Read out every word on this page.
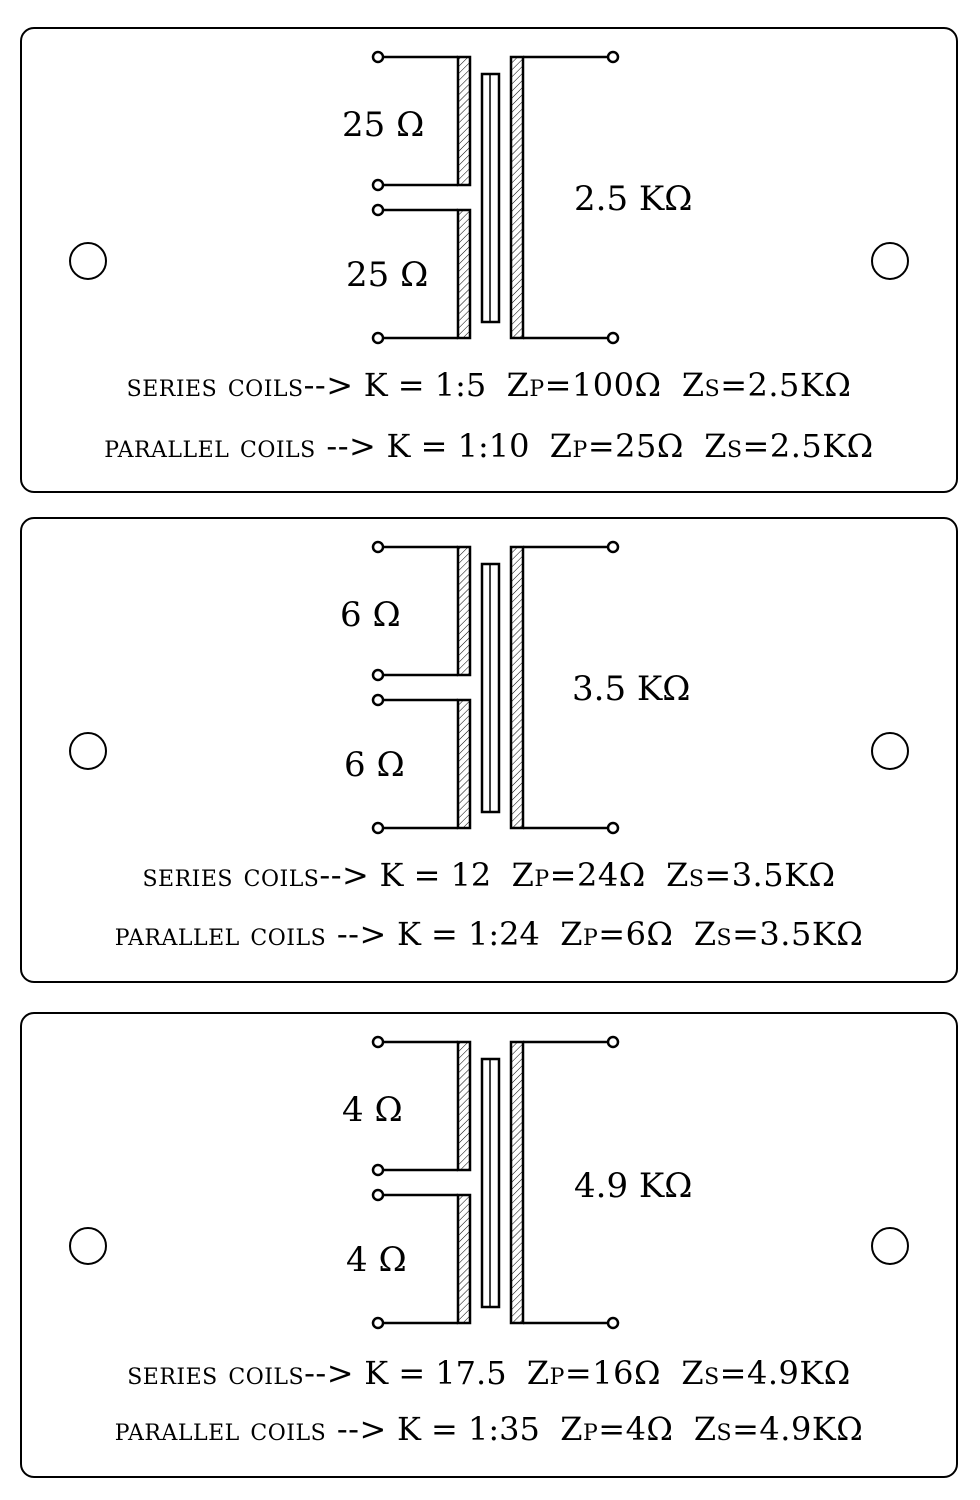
25 Ω
25 Ω
2.5 KΩ
series coils--> K = 1:5 Zp=100Ω Zs=2.5KΩ
parallel coils --> K = 1:10 Zp=25Ω Zs=2.5KΩ
6 Ω
6 Ω
3.5 KΩ
series coils--> K = 12 Zp=24Ω Zs=3.5KΩ
parallel coils --> K = 1:24 Zp=6Ω Zs=3.5KΩ
4 Ω
4 Ω
4.9 KΩ
series coils--> K = 17.5 Zp=16Ω Zs=4.9KΩ
parallel coils --> K = 1:35 Zp=4Ω Zs=4.9KΩ
